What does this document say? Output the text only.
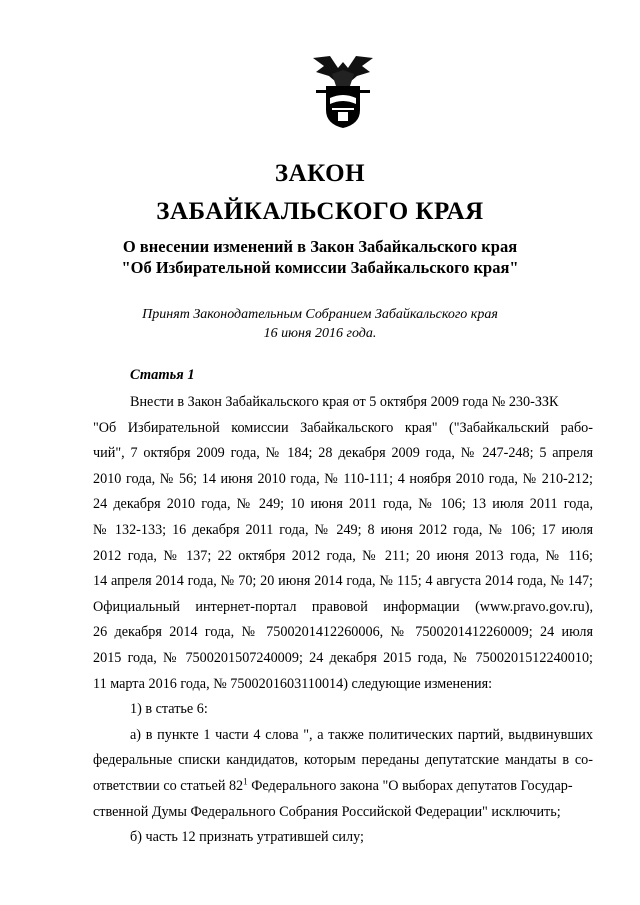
ЗАКОН
ЗАБАЙКАЛЬСКОГО КРАЯ
О внесении изменений в Закон Забайкальского края
"Об Избирательной комиссии Забайкальского края"
Принят Законодательным Собранием Забайкальского края
16 июня 2016 года.
Статья 1
Внести в Закон Забайкальского края от 5 октября 2009 года № 230-ЗЗК
"Об Избирательной комиссии Забайкальского края" ("Забайкальский рабо-
чий", 7 октября 2009 года, № 184; 28 декабря 2009 года, № 247-248; 5 апреля
2010 года, № 56; 14 июня 2010 года, № 110-111; 4 ноября 2010 года, № 210-212;
24 декабря 2010 года, № 249; 10 июня 2011 года, № 106; 13 июля 2011 года,
№ 132-133; 16 декабря 2011 года, № 249; 8 июня 2012 года, № 106; 17 июля
2012 года, № 137; 22 октября 2012 года, № 211; 20 июня 2013 года, № 116;
14 апреля 2014 года, № 70; 20 июня 2014 года, № 115; 4 августа 2014 года, № 147;
Официальный интернет-портал правовой информации (www.pravo.gov.ru),
26 декабря 2014 года, № 7500201412260006, № 7500201412260009; 24 июля
2015 года, № 7500201507240009; 24 декабря 2015 года, № 7500201512240010;
11 марта 2016 года, № 7500201603110014) следующие изменения:
1) в статье 6:
а) в пункте 1 части 4 слова ", а также политических партий, выдвинувших
федеральные списки кандидатов, которым переданы депутатские мандаты в со-
ответствии со статьей $82^1$ Федерального закона "О выборах депутатов Государ-
ственной Думы Федерального Собрания Российской Федерации" исключить;
б) часть 12 признать утратившей силу;
